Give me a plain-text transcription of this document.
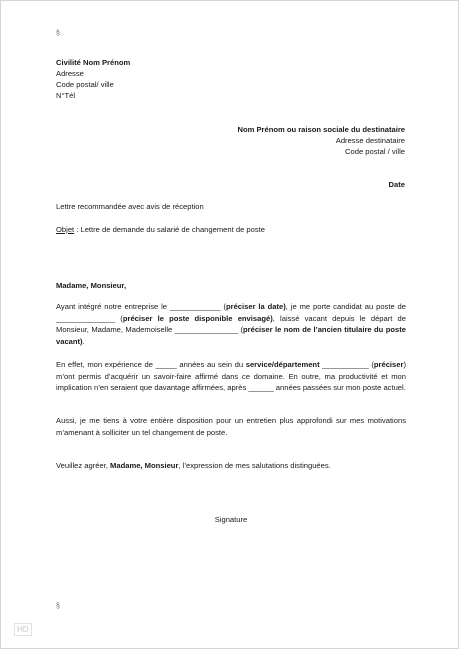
§
Civilité Nom Prénom
Adresse
Code postal/ ville
N°Tél
Nom Prénom ou raison sociale du destinataire
Adresse destinataire
Code postal / ville
Date
Lettre recommandée avec avis de réception
Objet : Lettre de demande du salarié de changement de poste
Madame, Monsieur,
Ayant intégré notre entreprise le ____________ (préciser la date), je me porte candidat au poste de ______________ (préciser le poste disponible envisagé), laissé vacant depuis le départ de Monsieur, Madame, Mademoiselle _______________ (préciser le nom de l’ancien titulaire du poste vacant).
En effet, mon expérience de _____ années au sein du service/département ___________ (préciser) m’ont permis d’acquérir un savoir-faire affirmé dans ce domaine. En outre, ma productivité et mon implication n’en seraient que davantage affirmées, après ______ années passées sur mon poste actuel.
Aussi, je me tiens à votre entière disposition pour un entretien plus approfondi sur mes motivations m’amenant à solliciter un tel changement de poste.
Veuillez agréer, Madame, Monsieur, l’expression de mes salutations distinguées.
Signature
§
HD
